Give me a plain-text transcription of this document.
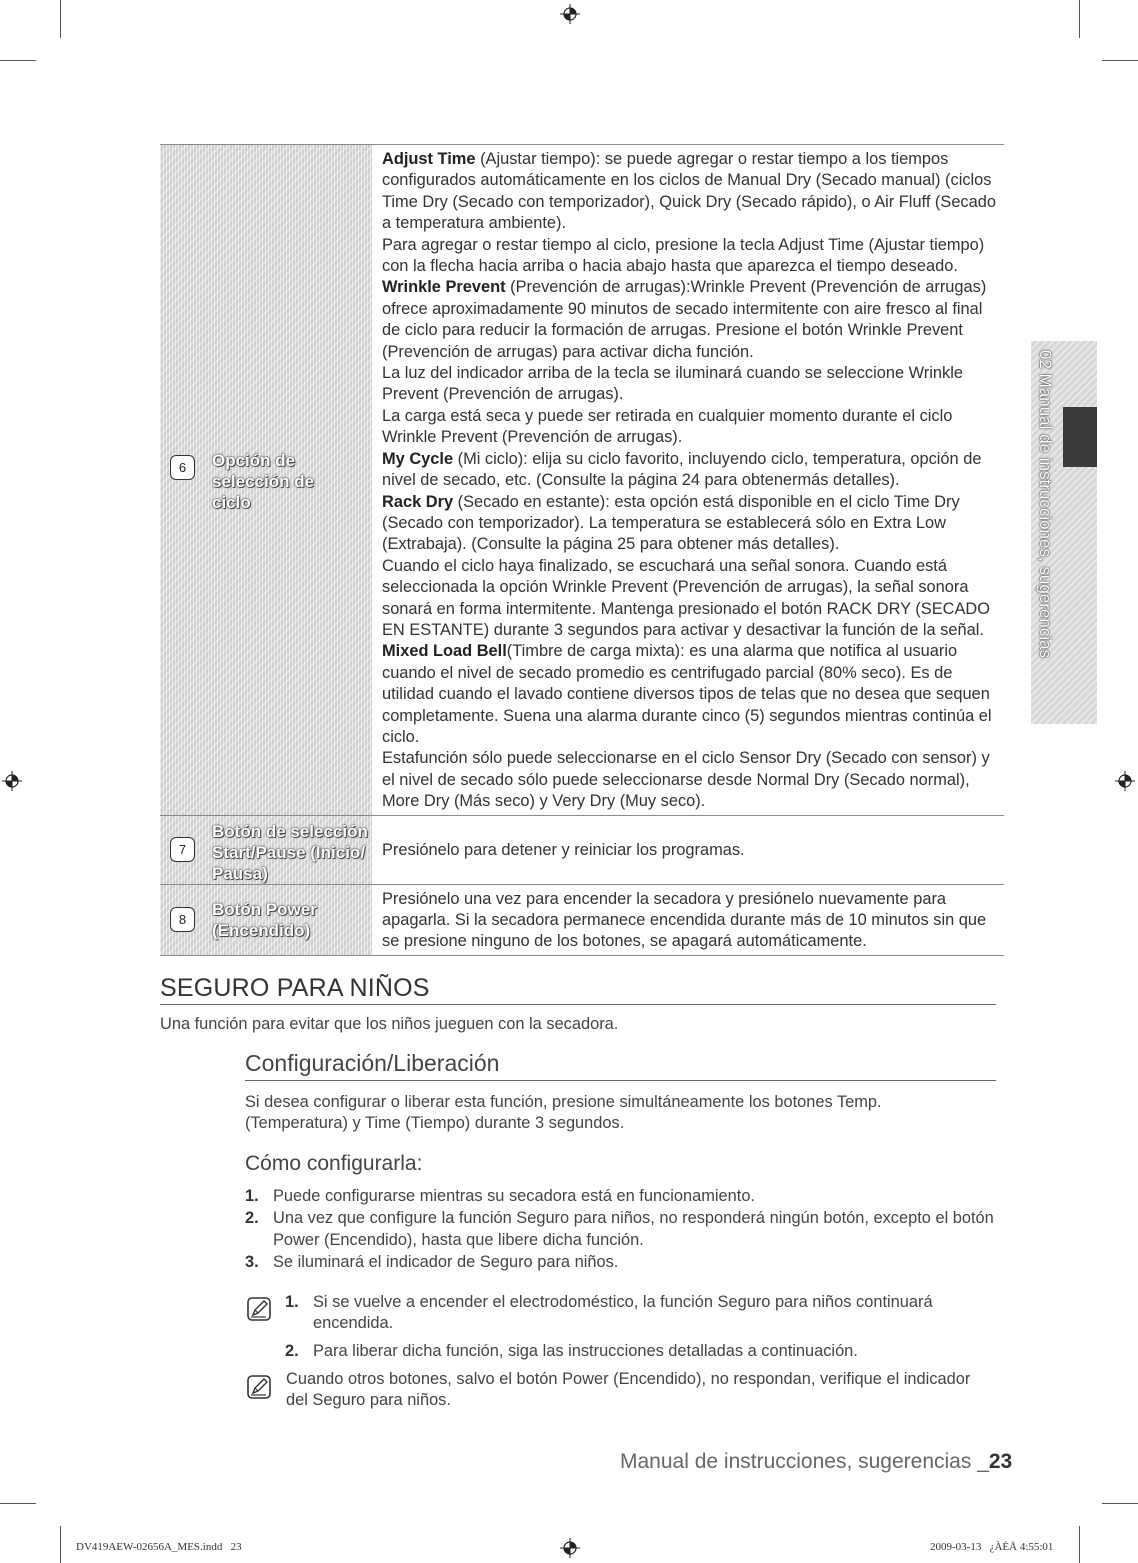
02 Manual de instrucciones, sugerencias
6	Opción de
selección de
ciclo

Adjust Time (Ajustar tiempo): se puede agregar o restar tiempo a los tiempos configurados automáticamente en los ciclos de Manual Dry (Secado manual) (ciclos Time Dry (Secado con temporizador), Quick Dry (Secado rápido), o Air Fluff (Secado a temperatura ambiente).

Para agregar o restar tiempo al ciclo, presione la tecla Adjust Time (Ajustar tiempo) con la flecha hacia arriba o hacia abajo hasta que aparezca el tiempo deseado.

Wrinkle Prevent (Prevención de arrugas):Wrinkle Prevent (Prevención de arrugas) ofrece aproximadamente 90 minutos de secado intermitente con aire fresco al final de ciclo para reducir la formación de arrugas. Presione el botón Wrinkle Prevent (Prevención de arrugas) para activar dicha función.

La luz del indicador arriba de la tecla se iluminará cuando se seleccione Wrinkle Prevent (Prevención de arrugas).

La carga está seca y puede ser retirada en cualquier momento durante el ciclo Wrinkle Prevent (Prevención de arrugas).

My Cycle (Mi ciclo): elija su ciclo favorito, incluyendo ciclo, temperatura, opción de nivel de secado, etc. (Consulte la página 24 para obtenermás detalles).

Rack Dry (Secado en estante): esta opción está disponible en el ciclo Time Dry (Secado con temporizador). La temperatura se establecerá sólo en Extra Low (Extrabaja). (Consulte la página 25 para obtener más detalles).

Cuando el ciclo haya finalizado, se escuchará una señal sonora. Cuando está seleccionada la opción Wrinkle Prevent (Prevención de arrugas), la señal sonora sonará en forma intermitente. Mantenga presionado el botón RACK DRY (SECADO EN ESTANTE) durante 3 segundos para activar y desactivar la función de la señal.

Mixed Load Bell(Timbre de carga mixta): es una alarma que notifica al usuario cuando el nivel de secado promedio es centrifugado parcial (80% seco). Es de utilidad cuando el lavado contiene diversos tipos de telas que no desea que sequen completamente. Suena una alarma durante cinco (5) segundos mientras continúa el ciclo.

Estafunción sólo puede seleccionarse en el ciclo Sensor Dry (Secado con sensor) y el nivel de secado sólo puede seleccionarse desde Normal Dry (Secado normal), More Dry (Más seco) y Very Dry (Muy seco).

7
Botón de selección
Start/Pause (Inicio/
Pausa)

Presiónelo para detener y reiniciar los programas.

8
Botón Power
(Encendido)

Presiónelo una vez para encender la secadora y presiónelo nuevamente para apagarla. Si la secadora permanece encendida durante más de 10 minutos sin que se presione ninguno de los botones, se apagará automáticamente.

SEGURO PARA NIÑOS
Una función para evitar que los niños jueguen con la secadora.
Configuración/Liberación
Si desea configurar o liberar esta función, presione simultáneamente los botones Temp. (Temperatura) y Time (Tiempo) durante 3 segundos.
Cómo configurarla:
1. Puede configurarse mientras su secadora está en funcionamiento.
2. Una vez que configure la función Seguro para niños, no responderá ningún botón, excepto el botón Power (Encendido), hasta que libere dicha función.
3. Se iluminará el indicador de Seguro para niños.
1. Si se vuelve a encender el electrodoméstico, la función Seguro para niños continuará encendida.
2. Para liberar dicha función, siga las instrucciones detalladas a continuación.
Cuando otros botones, salvo el botón Power (Encendido), no respondan, verifique el indicador del Seguro para niños.
Manual de instrucciones, sugerencias _23
DV419AEW-02656A_MES.indd   23	2009-03-13   ¿ÀÈÄ 4:55:01
